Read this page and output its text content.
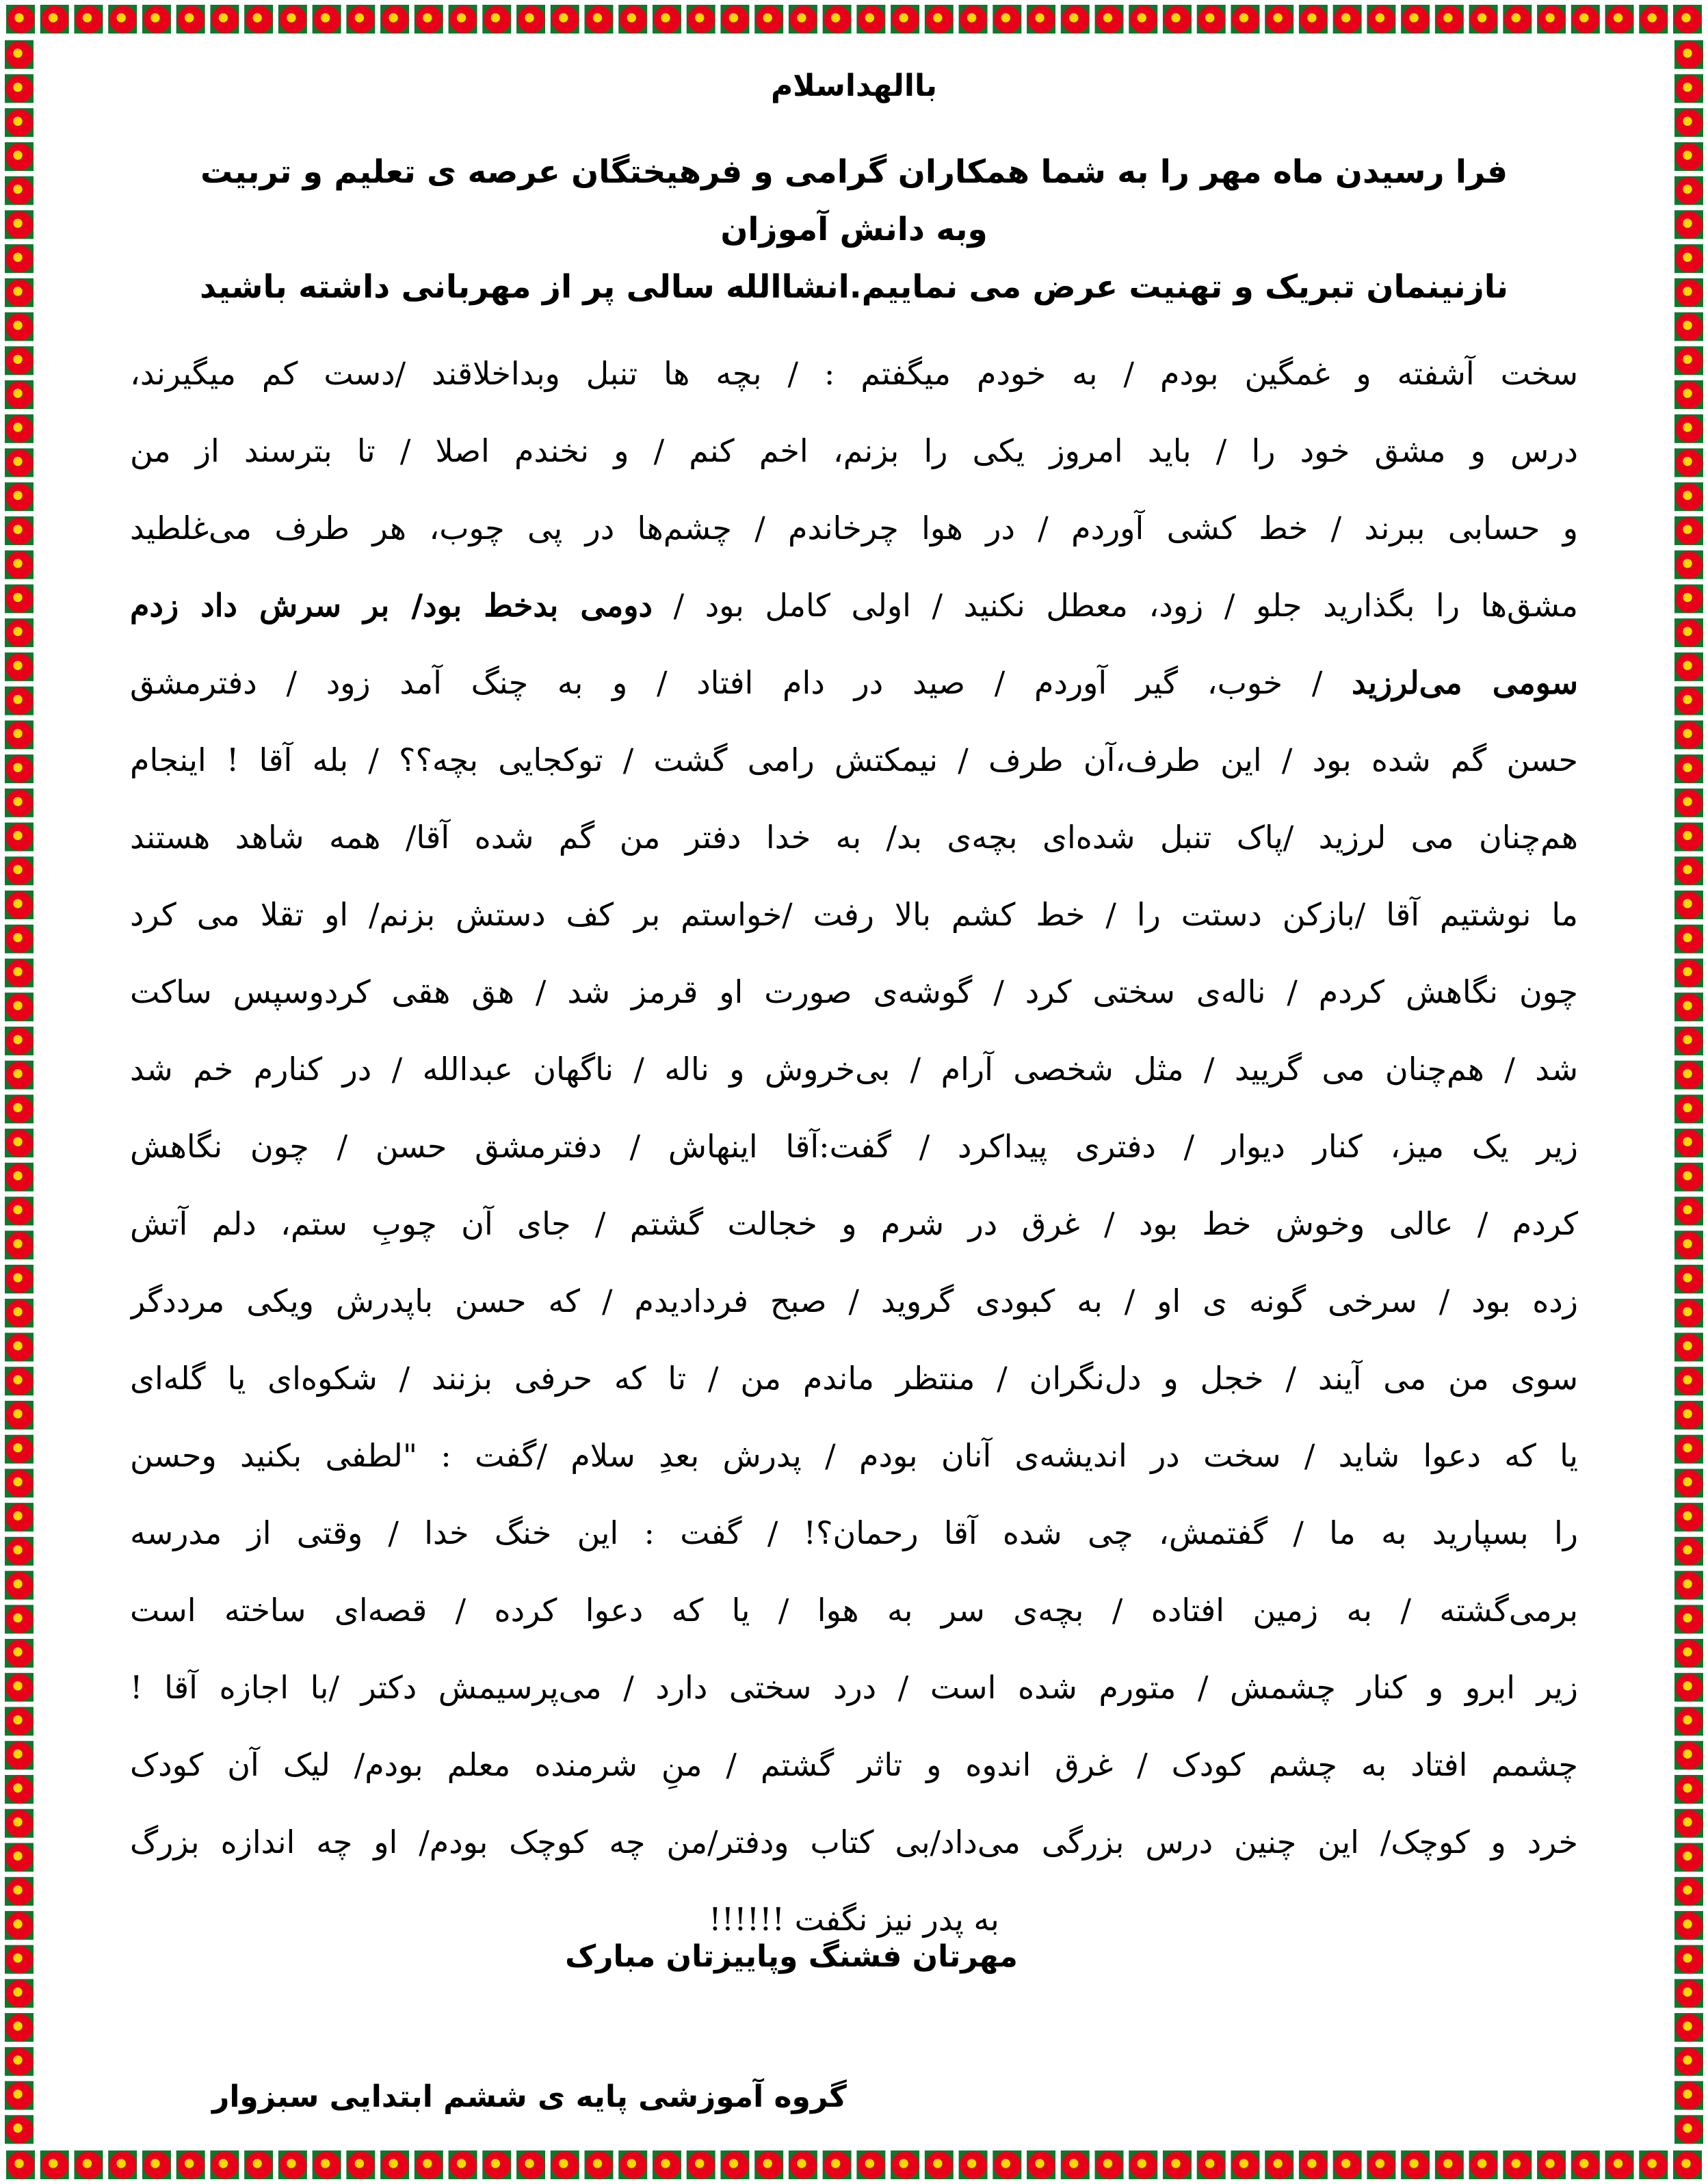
باالهداسلام
فرا رسیدن ماه مهر را به شما همکاران گرامی و فرهیختگان عرصه ی تعلیم و تربیت وبه دانش آموزان
نازنینمان تبریک و تهنیت عرض می نماییم.انشاالله سالی پر از مهربانی داشته باشید
سخت آشفته و غمگین بودم / به خودم میگفتم : / بچه ها تنبل وبداخلاقند /دست کم میگیرند،
درس و مشق خود را / باید امروز یکی را بزنم، اخم کنم / و نخندم اصلا / تا بترسند از من
و حسابی ببرند / خط کشی آوردم / در هوا چرخاندم / چشم‌ها در پی چوب، هر طرف می‌غلطید
مشق‌ها را بگذارید جلو / زود، معطل نکنید / اولی کامل بود / دومی بدخط بود/ بر سرش داد زدم
سومی می‌لرزید / خوب، گیر آوردم / صید در دام افتاد / و به چنگ آمد زود / دفترمشق
حسن گم شده بود / این طرف،آن طرف / نیمکتش رامی گشت / توکجایی بچه؟؟ / بله آقا ! اینجام
هم‌چنان می لرزید /پاک تنبل شده‌ای بچه‌ی بد/ به خدا دفتر من گم شده آقا/ همه شاهد هستند
ما نوشتیم آقا /بازکن دستت را / خط کشم بالا رفت /خواستم بر کف دستش بزنم/ او تقلا می کرد
چون نگاهش کردم / ناله‌ی سختی کرد / گوشه‌ی صورت او قرمز شد / هق هقی کردوسپس ساکت
شد / هم‌چنان می گریید / مثل شخصی آرام / بی‌خروش و ناله / ناگهان عبدالله / در کنارم خم شد
زیر یک میز، کنار دیوار / دفتری پیداکرد / گفت:آقا اینهاش / دفترمشق حسن / چون نگاهش
کردم / عالی وخوش خط بود / غرق در شرم و خجالت گشتم / جای آن چوبِ ستم، دلم آتش
زده بود / سرخی گونه ی او / به کبودی گروید / صبح فردادیدم / که حسن باپدرش ویکی مرددگر
سوی من می آیند / خجل و دل‌نگران / منتظر ماندم من / تا که حرفی بزنند / شکوه‌ای یا گله‌ای
یا که دعوا شاید / سخت در اندیشه‌ی آنان بودم / پدرش بعدِ سلام /گفت : "لطفی بکنید وحسن
را بسپارید به ما / گفتمش، چی شده آقا رحمان؟! / گفت : این خنگ خدا / وقتی از مدرسه
برمی‌گشته / به زمین افتاده / بچه‌ی سر به هوا / یا که دعوا کرده / قصه‌ای ساخته است
زیر ابرو و کنار چشمش / متورم شده است / درد سختی دارد / می‌پرسیمش دکتر /با اجازه آقا !
چشمم افتاد به چشم کودک / غرق اندوه و تاثر گشتم / منِ شرمنده معلم بودم/ لیک آن کودک
خرد و کوچک/ این چنین درس بزرگی می‌داد/بی کتاب ودفتر/من چه کوچک بودم/ او چه اندازه بزرگ
به پدر نیز نگفت !!!!!!
مهرتان فشنگ وپاییزتان مبارک
گروه آموزشی پایه ی ششم ابتدایی سبزوار
